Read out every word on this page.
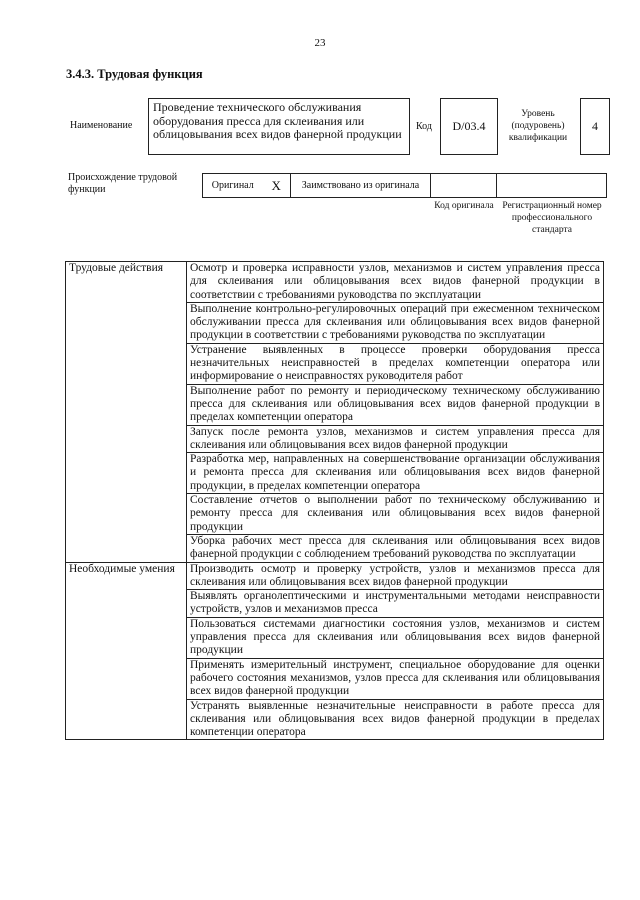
23
3.4.3. Трудовая функция
Наименование
Проведение технического обслуживания оборудования пресса для склеивания или облицовывания всех видов фанерной продукции
Код	D/03.4
Уровень (подуровень) квалификации
4
Происхождение трудовой функции	Оригинал	X	Заимствовано из оригинала		
Код оригинала Регистрационный номер профессионального стандарта
Трудовые действия	Осмотр и проверка исправности узлов, механизмов и систем управления пресса для склеивания или облицовывания всех видов фанерной продукции в соответствии с требованиями руководства по эксплуатации
	Выполнение контрольно-регулировочных операций при ежесменном техническом обслуживании пресса для склеивания или облицовывания всех видов фанерной продукции в соответствии с требованиями руководства по эксплуатации
	Устранение выявленных в процессе проверки оборудования пресса незначительных неисправностей в пределах компетенции оператора или информирование о неисправностях руководителя работ
	Выполнение работ по ремонту и периодическому техническому обслуживанию пресса для склеивания или облицовывания всех видов фанерной продукции в пределах компетенции оператора
	Запуск после ремонта узлов, механизмов и систем управления пресса для склеивания или облицовывания всех видов фанерной продукции
	Разработка мер, направленных на совершенствование организации обслуживания и ремонта пресса для склеивания или облицовывания всех видов фанерной продукции, в пределах компетенции оператора
	Составление отчетов о выполнении работ по техническому обслуживанию и ремонту пресса для склеивания или облицовывания всех видов фанерной продукции
	Уборка рабочих мест пресса для склеивания или облицовывания всех видов фанерной продукции с соблюдением требований руководства по эксплуатации
Необходимые умения	Производить осмотр и проверку устройств, узлов и механизмов пресса для склеивания или облицовывания всех видов фанерной продукции
	Выявлять органолептическими и инструментальными методами неисправности устройств, узлов и механизмов пресса
	Пользоваться системами диагностики состояния узлов, механизмов и систем управления пресса для склеивания или облицовывания всех видов фанерной продукции
	Применять измерительный инструмент, специальное оборудование для оценки рабочего состояния механизмов, узлов пресса для склеивания или облицовывания всех видов фанерной продукции
	Устранять выявленные незначительные неисправности в работе пресса для склеивания или облицовывания всех видов фанерной продукции в пределах компетенции оператора
